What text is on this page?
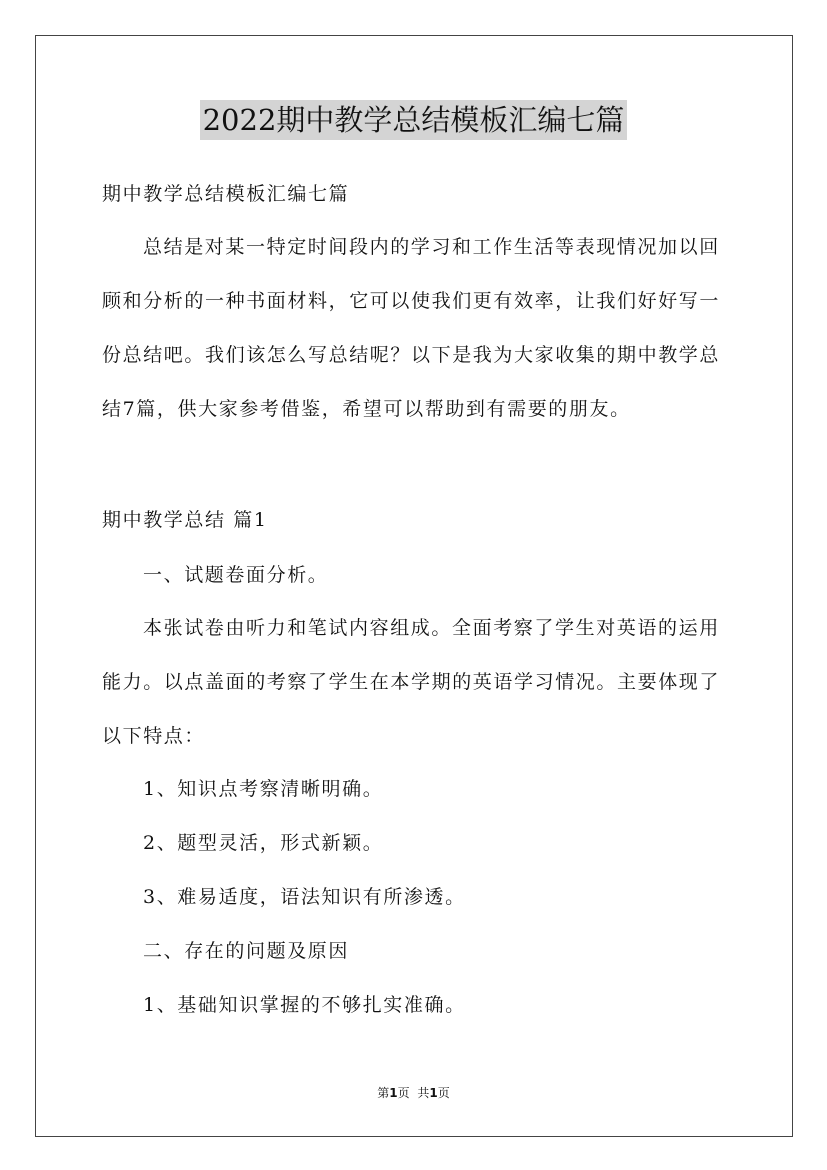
2022期中教学总结模板汇编七篇

期中教学总结模板汇编七篇

总结是对某一特定时间段内的学习和工作生活等表现情况加以回

顾和分析的一种书面材料，它可以使我们更有效率，让我们好好写一

份总结吧。我们该怎么写总结呢？以下是我为大家收集的期中教学总

结7篇，供大家参考借鉴，希望可以帮助到有需要的朋友。

期中教学总结 篇1

一、试题卷面分析。

本张试卷由听力和笔试内容组成。全面考察了学生对英语的运用

能力。以点盖面的考察了学生在本学期的英语学习情况。主要体现了

以下特点：

1、知识点考察清晰明确。

2、题型灵活，形式新颖。

3、难易适度，语法知识有所渗透。

二、存在的问题及原因

1、基础知识掌握的不够扎实准确。

第1页 共1页
